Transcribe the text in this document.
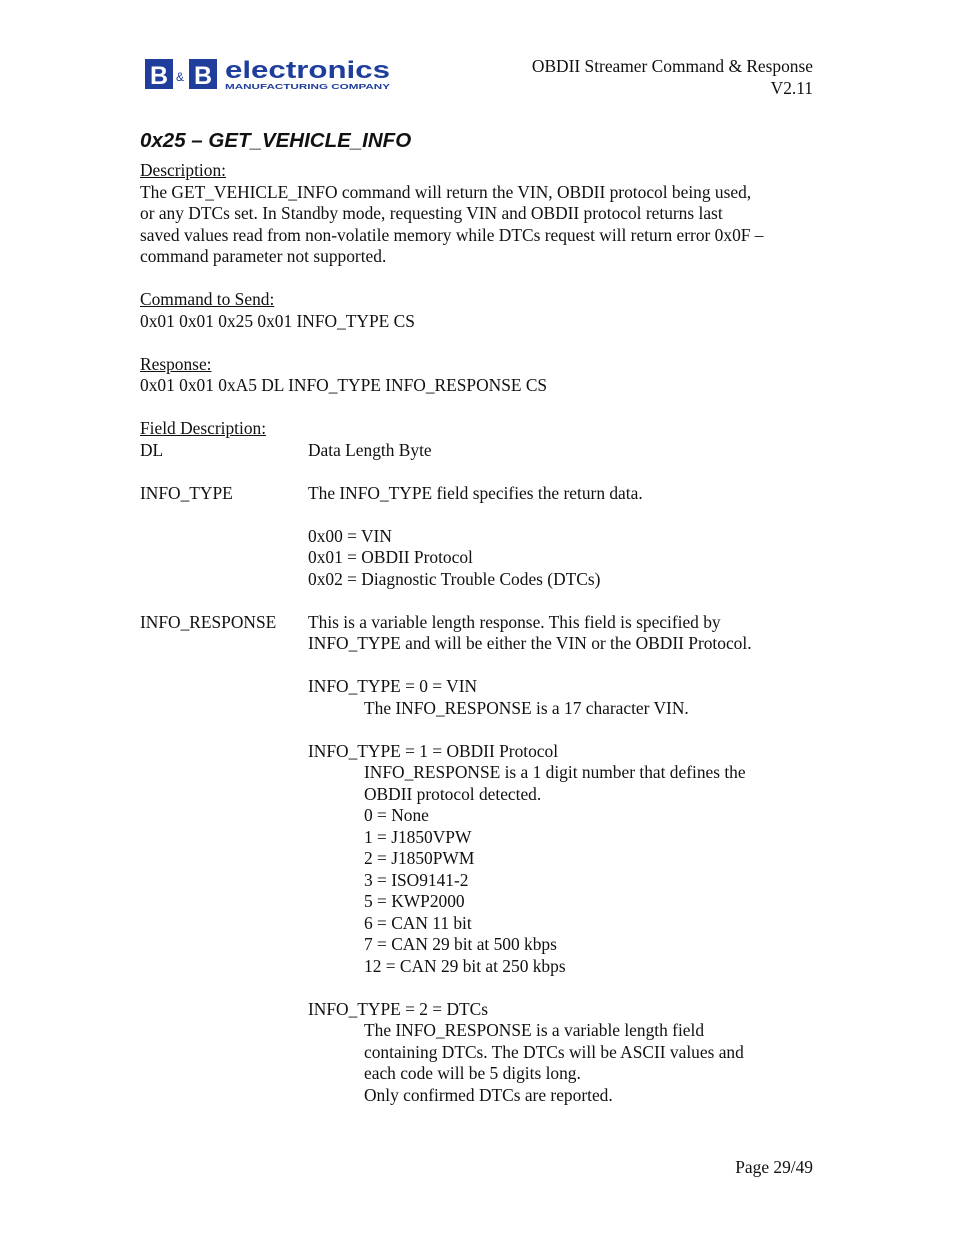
B & B electronics
MANUFACTURING COMPANY
OBDII Streamer Command & Response
V2.11
0x25 – GET_VEHICLE_INFO
Description:
The GET_VEHICLE_INFO command will return the VIN, OBDII protocol being used,
or any DTCs set. In Standby mode, requesting VIN and OBDII protocol returns last
saved values read from non-volatile memory while DTCs request will return error 0x0F –
command parameter not supported.
Command to Send:
0x01 0x01 0x25 0x01 INFO_TYPE CS
Response:
0x01 0x01 0xA5 DL INFO_TYPE INFO_RESPONSE CS
Field Description:
DL	Data Length Byte
INFO_TYPE	The INFO_TYPE field specifies the return data.
0x00 = VIN
0x01 = OBDII Protocol
0x02 = Diagnostic Trouble Codes (DTCs)
INFO_RESPONSE This is a variable length response. This field is specified by
INFO_TYPE and will be either the VIN or the OBDII Protocol.
INFO_TYPE = 0 = VIN
The INFO_RESPONSE is a 17 character VIN.
INFO_TYPE = 1 = OBDII Protocol
INFO_RESPONSE is a 1 digit number that defines the
OBDII protocol detected.
0 = None
1 = J1850VPW
2 = J1850PWM
3 = ISO9141-2
5 = KWP2000
6 = CAN 11 bit
7 = CAN 29 bit at 500 kbps
12 = CAN 29 bit at 250 kbps
INFO_TYPE = 2 = DTCs
The INFO_RESPONSE is a variable length field
containing DTCs. The DTCs will be ASCII values and
each code will be 5 digits long.
Only confirmed DTCs are reported.
Page 29/49
